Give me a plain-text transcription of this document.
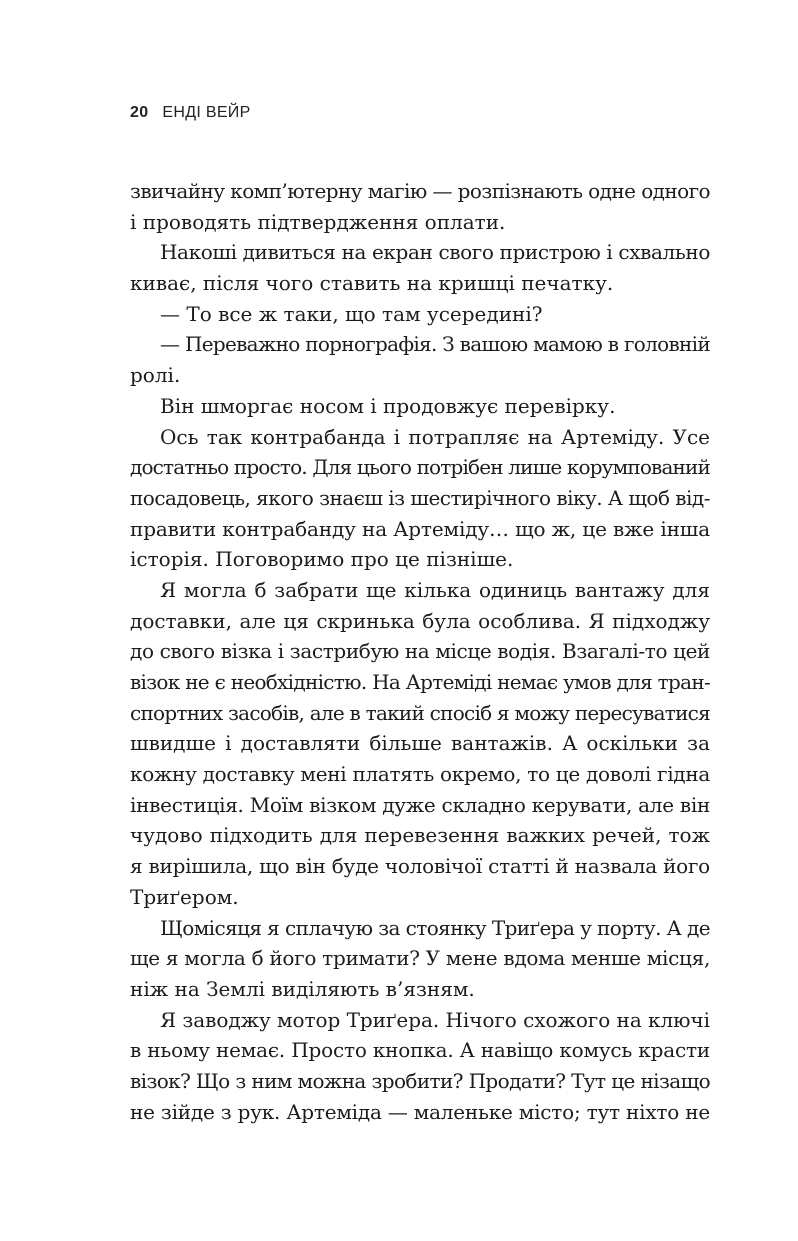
20 ЕНДІ ВЕЙР
звичайну комп’ютерну магію — розпізнають одне одного
і проводять підтвердження оплати.
Накоші дивиться на екран свого пристрою і схвально
киває, після чого ставить на кришці печатку.
— То все ж таки, що там усередині?
— Переважно порнографія. З вашою мамою в головній
ролі.
Він шморгає носом і продовжує перевірку.
Ось так контрабанда і потрапляє на Артеміду. Усе
достатньо просто. Для цього потрібен лише корумпований
посадовець, якого знаєш із шестирічного віку. А щоб від-
правити контрабанду на Артеміду… що ж, це вже інша
історія. Поговоримо про це пізніше.
Я могла б забрати ще кілька одиниць вантажу для
доставки, але ця скринька була особлива. Я підходжу
до свого візка і застрибую на місце водія. Взагалі-то цей
візок не є необхідністю. На Артеміді немає умов для тран-
спортних засобів, але в такий спосіб я можу пересуватися
швидше і доставляти більше вантажів. А оскільки за
кожну доставку мені платять окремо, то це доволі гідна
інвестиція. Моїм візком дуже складно керувати, але він
чудово підходить для перевезення важких речей, тож
я вирішила, що він буде чоловічої статті й назвала його
Триґером.
Щомісяця я сплачую за стоянку Триґера у порту. А де
ще я могла б його тримати? У мене вдома менше місця,
ніж на Землі виділяють в’язням.
Я заводжу мотор Триґера. Нічого схожого на ключі
в ньому немає. Просто кнопка. А навіщо комусь красти
візок? Що з ним можна зробити? Продати? Тут це нізащо
не зійде з рук. Артеміда — маленьке місто; тут ніхто не
